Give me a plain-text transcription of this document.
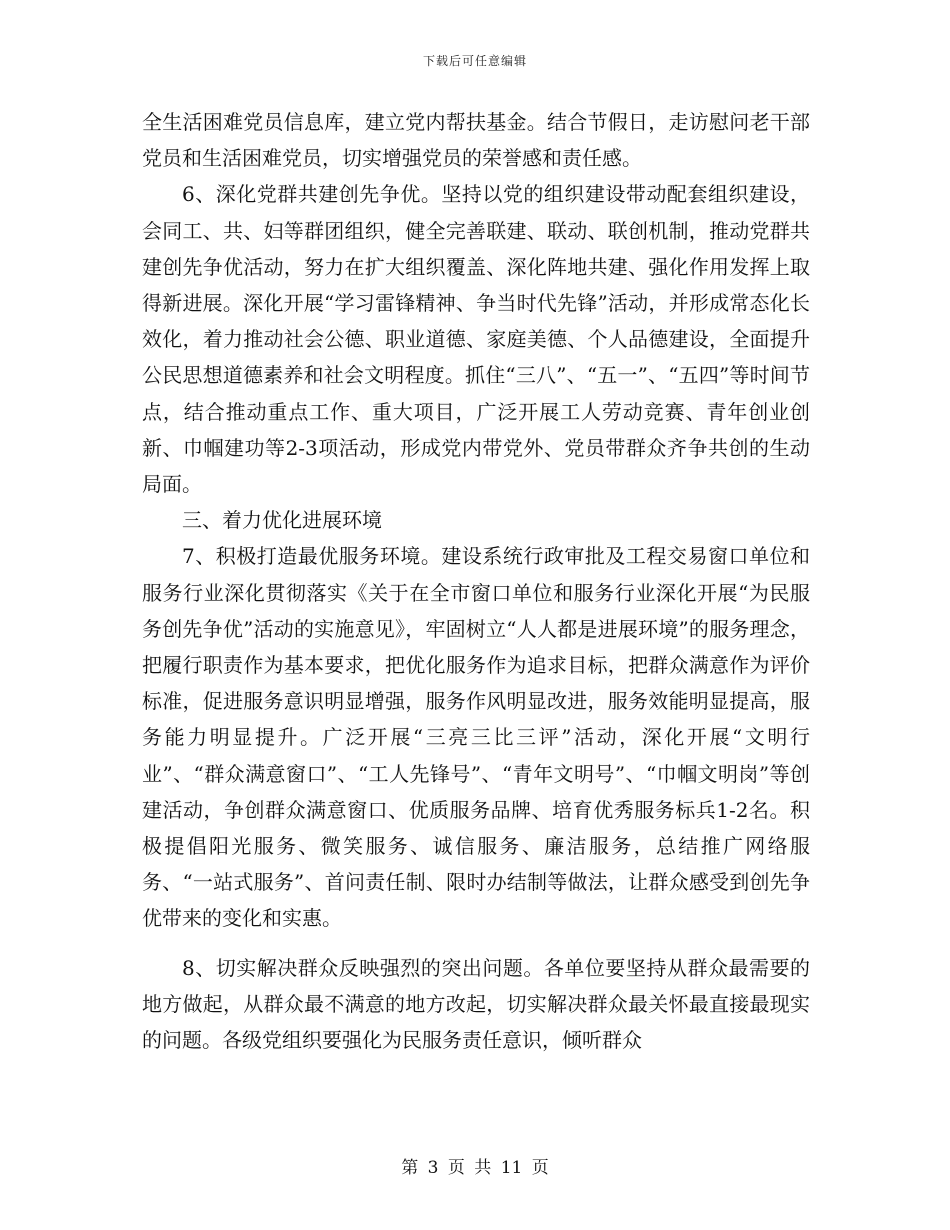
下载后可任意编辑

全生活困难党员信息库，建立党内帮扶基金。结合节假日，走访慰问老干部党员和生活困难党员，切实增强党员的荣誉感和责任感。

6、深化党群共建创先争优。坚持以党的组织建设带动配套组织建设，会同工、共、妇等群团组织，健全完善联建、联动、联创机制，推动党群共建创先争优活动，努力在扩大组织覆盖、深化阵地共建、强化作用发挥上取得新进展。深化开展“学习雷锋精神、争当时代先锋”活动，并形成常态化长效化，着力推动社会公德、职业道德、家庭美德、个人品德建设，全面提升公民思想道德素养和社会文明程度。抓住“三八”、“五一”、“五四”等时间节点，结合推动重点工作、重大项目，广泛开展工人劳动竞赛、青年创业创新、巾帼建功等2-3项活动，形成党内带党外、党员带群众齐争共创的生动局面。

三、着力优化进展环境

7、积极打造最优服务环境。建设系统行政审批及工程交易窗口单位和服务行业深化贯彻落实《关于在全市窗口单位和服务行业深化开展“为民服务创先争优”活动的实施意见》，牢固树立“人人都是进展环境”的服务理念，把履行职责作为基本要求，把优化服务作为追求目标，把群众满意作为评价标准，促进服务意识明显增强，服务作风明显改进，服务效能明显提高，服务能力明显提升。广泛开展“三亮三比三评”活动，深化开展“文明行业”、“群众满意窗口”、“工人先锋号”、“青年文明号”、“巾帼文明岗”等创建活动，争创群众满意窗口、优质服务品牌、培育优秀服务标兵1-2名。积极提倡阳光服务、微笑服务、诚信服务、廉洁服务，总结推广网络服务、“一站式服务”、首问责任制、限时办结制等做法，让群众感受到创先争优带来的变化和实惠。

8、切实解决群众反映强烈的突出问题。各单位要坚持从群众最需要的地方做起，从群众最不满意的地方改起，切实解决群众最关怀最直接最现实的问题。各级党组织要强化为民服务责任意识，倾听群众

第 3 页 共 11 页
